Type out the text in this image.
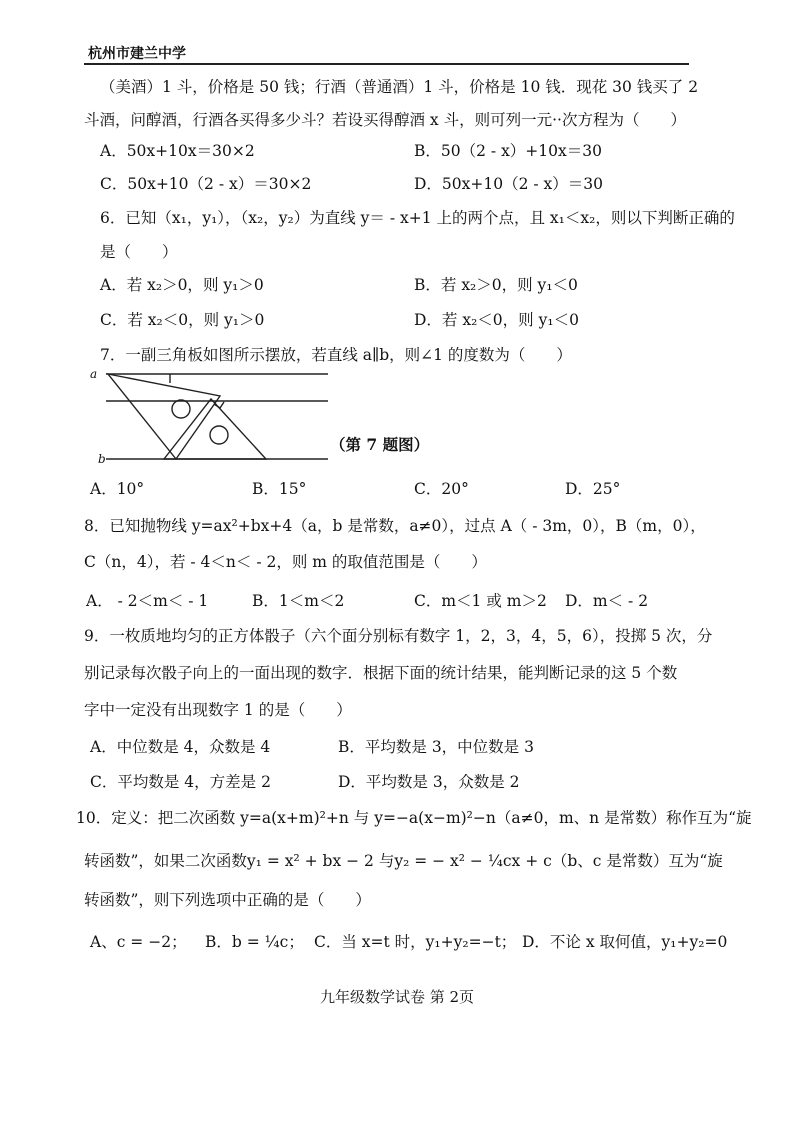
杭州市建兰中学
（美酒）1 斗，价格是 50 钱；行酒（普通酒）1 斗，价格是 10 钱．现花 30 钱买了 2
斗酒，问醇酒，行酒各买得多少斗？若设买得醇酒 x 斗，则可列一元··次方程为（　　）
A．50x+10x＝30×2	B．50（2 - x）+10x＝30
C．50x+10（2 - x）＝30×2	D．50x+10（2 - x）＝30
6．已知（x₁，y₁），（x₂，y₂）为直线 y＝ - x+1 上的两个点，且 x₁＜x₂，则以下判断正确的
是（　　）
A．若 x₂＞0，则 y₁＞0	B．若 x₂＞0，则 y₁＜0
C．若 x₂＜0，则 y₁＞0	D．若 x₂＜0，则 y₁＜0
7．一副三角板如图所示摆放，若直线 a∥b，则∠1 的度数为（　　）
a
b
（第 7 题图）
A．10°	B．15°	C．20°	D．25°
8．已知抛物线 y=ax²+bx+4（a，b 是常数，a≠0），过点 A（ - 3m，0），B（m，0），
C（n，4），若 - 4＜n＜ - 2，则 m 的取值范围是（　　）
A． - 2＜m＜ - 1	B．1＜m＜2	C．m＜1 或 m＞2 D．m＜ - 2
9．一枚质地均匀的正方体骰子（六个面分别标有数字 1，2，3，4，5，6），投掷 5 次，分
别记录每次骰子向上的一面出现的数字．根据下面的统计结果，能判断记录的这 5 个数
字中一定没有出现数字 1 的是（　　）
A．中位数是 4，众数是 4	B．平均数是 3，中位数是 3
C．平均数是 4，方差是 2	D．平均数是 3，众数是 2
10．定义：把二次函数 y=a(x+m)²+n 与 y=−a(x−m)²−n（a≠0，m、n 是常数）称作互为“旋
转函数”，如果二次函数y₁ = x² + bx − 2 与y₂ = − x² − ¼cx + c（b、c 是常数）互为“旋
转函数”，则下列选项中正确的是（　　）
A、c = −2； B．b = ¼c； C．当 x=t 时，y₁+y₂=−t； D．不论 x 取何值，y₁+y₂=0
九年级数学试卷 第 2页
